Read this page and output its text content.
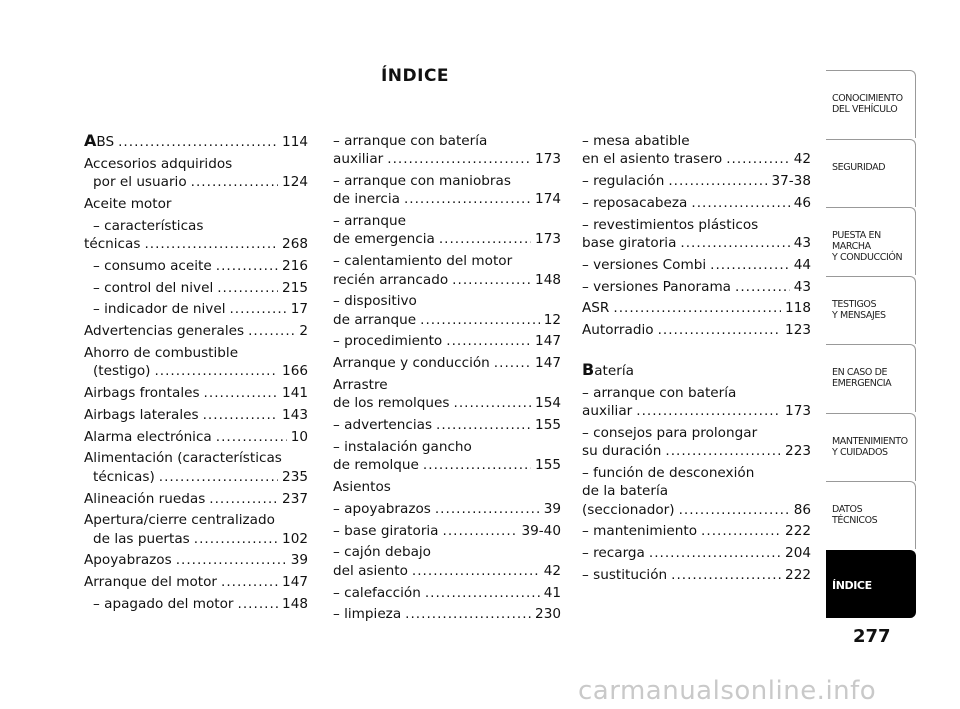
ÍNDICE
ABS .....	114
Accesorios adquiridos
por el usuario .....	124
Aceite motor
– características
técnicas .....	268
– consumo aceite .....	216
– control del nivel .....	215
– indicador de nivel .....	17
Advertencias generales .....	2
Ahorro de combustible
(testigo) .....	166
Airbags frontales .....	141
Airbags laterales .....	143
Alarma electrónica .....	10
Alimentación (características
técnicas) .....	235
Alineación ruedas .....	237
Apertura/cierre centralizado
de las puertas .....	102
Apoyabrazos .....	39
Arranque del motor .....	147
– apagado del motor .....	148
– arranque con batería
auxiliar .....	173
– arranque con maniobras
de inercia .....	174
– arranque
de emergencia .....	173
– calentamiento del motor
recién arrancado .....	148
– dispositivo
de arranque .....	12
– procedimiento .....	147
Arranque y conducción .....	147
Arrastre
de los remolques .....	154
– advertencias .....	155
– instalación gancho
de remolque .....	155
Asientos
– apoyabrazos .....	39
– base giratoria .....	39-40
– cajón debajo
del asiento .....	42
– calefacción .....	41
– limpieza .....	230
– mesa abatible
en el asiento trasero .....	42
– regulación .....	37-38
– reposacabeza .....	46
– revestimientos plásticos
base giratoria .....	43
– versiones Combi .....	44
– versiones Panorama .....	43
ASR .....	118
Autorradio .....	123
Batería
– arranque con batería
auxiliar .....	173
– consejos para prolongar
su duración .....	223
– función de desconexión
de la batería
(seccionador) .....	86
– mantenimiento .....	222
– recarga .....	204
– sustitución .....	222
CONOCIMIENTO
DEL VEHÍCULO
SEGURIDAD
PUESTA EN
MARCHA
Y CONDUCCIÓN
TESTIGOS
Y MENSAJES
EN CASO DE
EMERGENCIA
MANTENIMIENTO
Y CUIDADOS
DATOS
TÉCNICOS
ÍNDICE
277
carmanualsonline.info
